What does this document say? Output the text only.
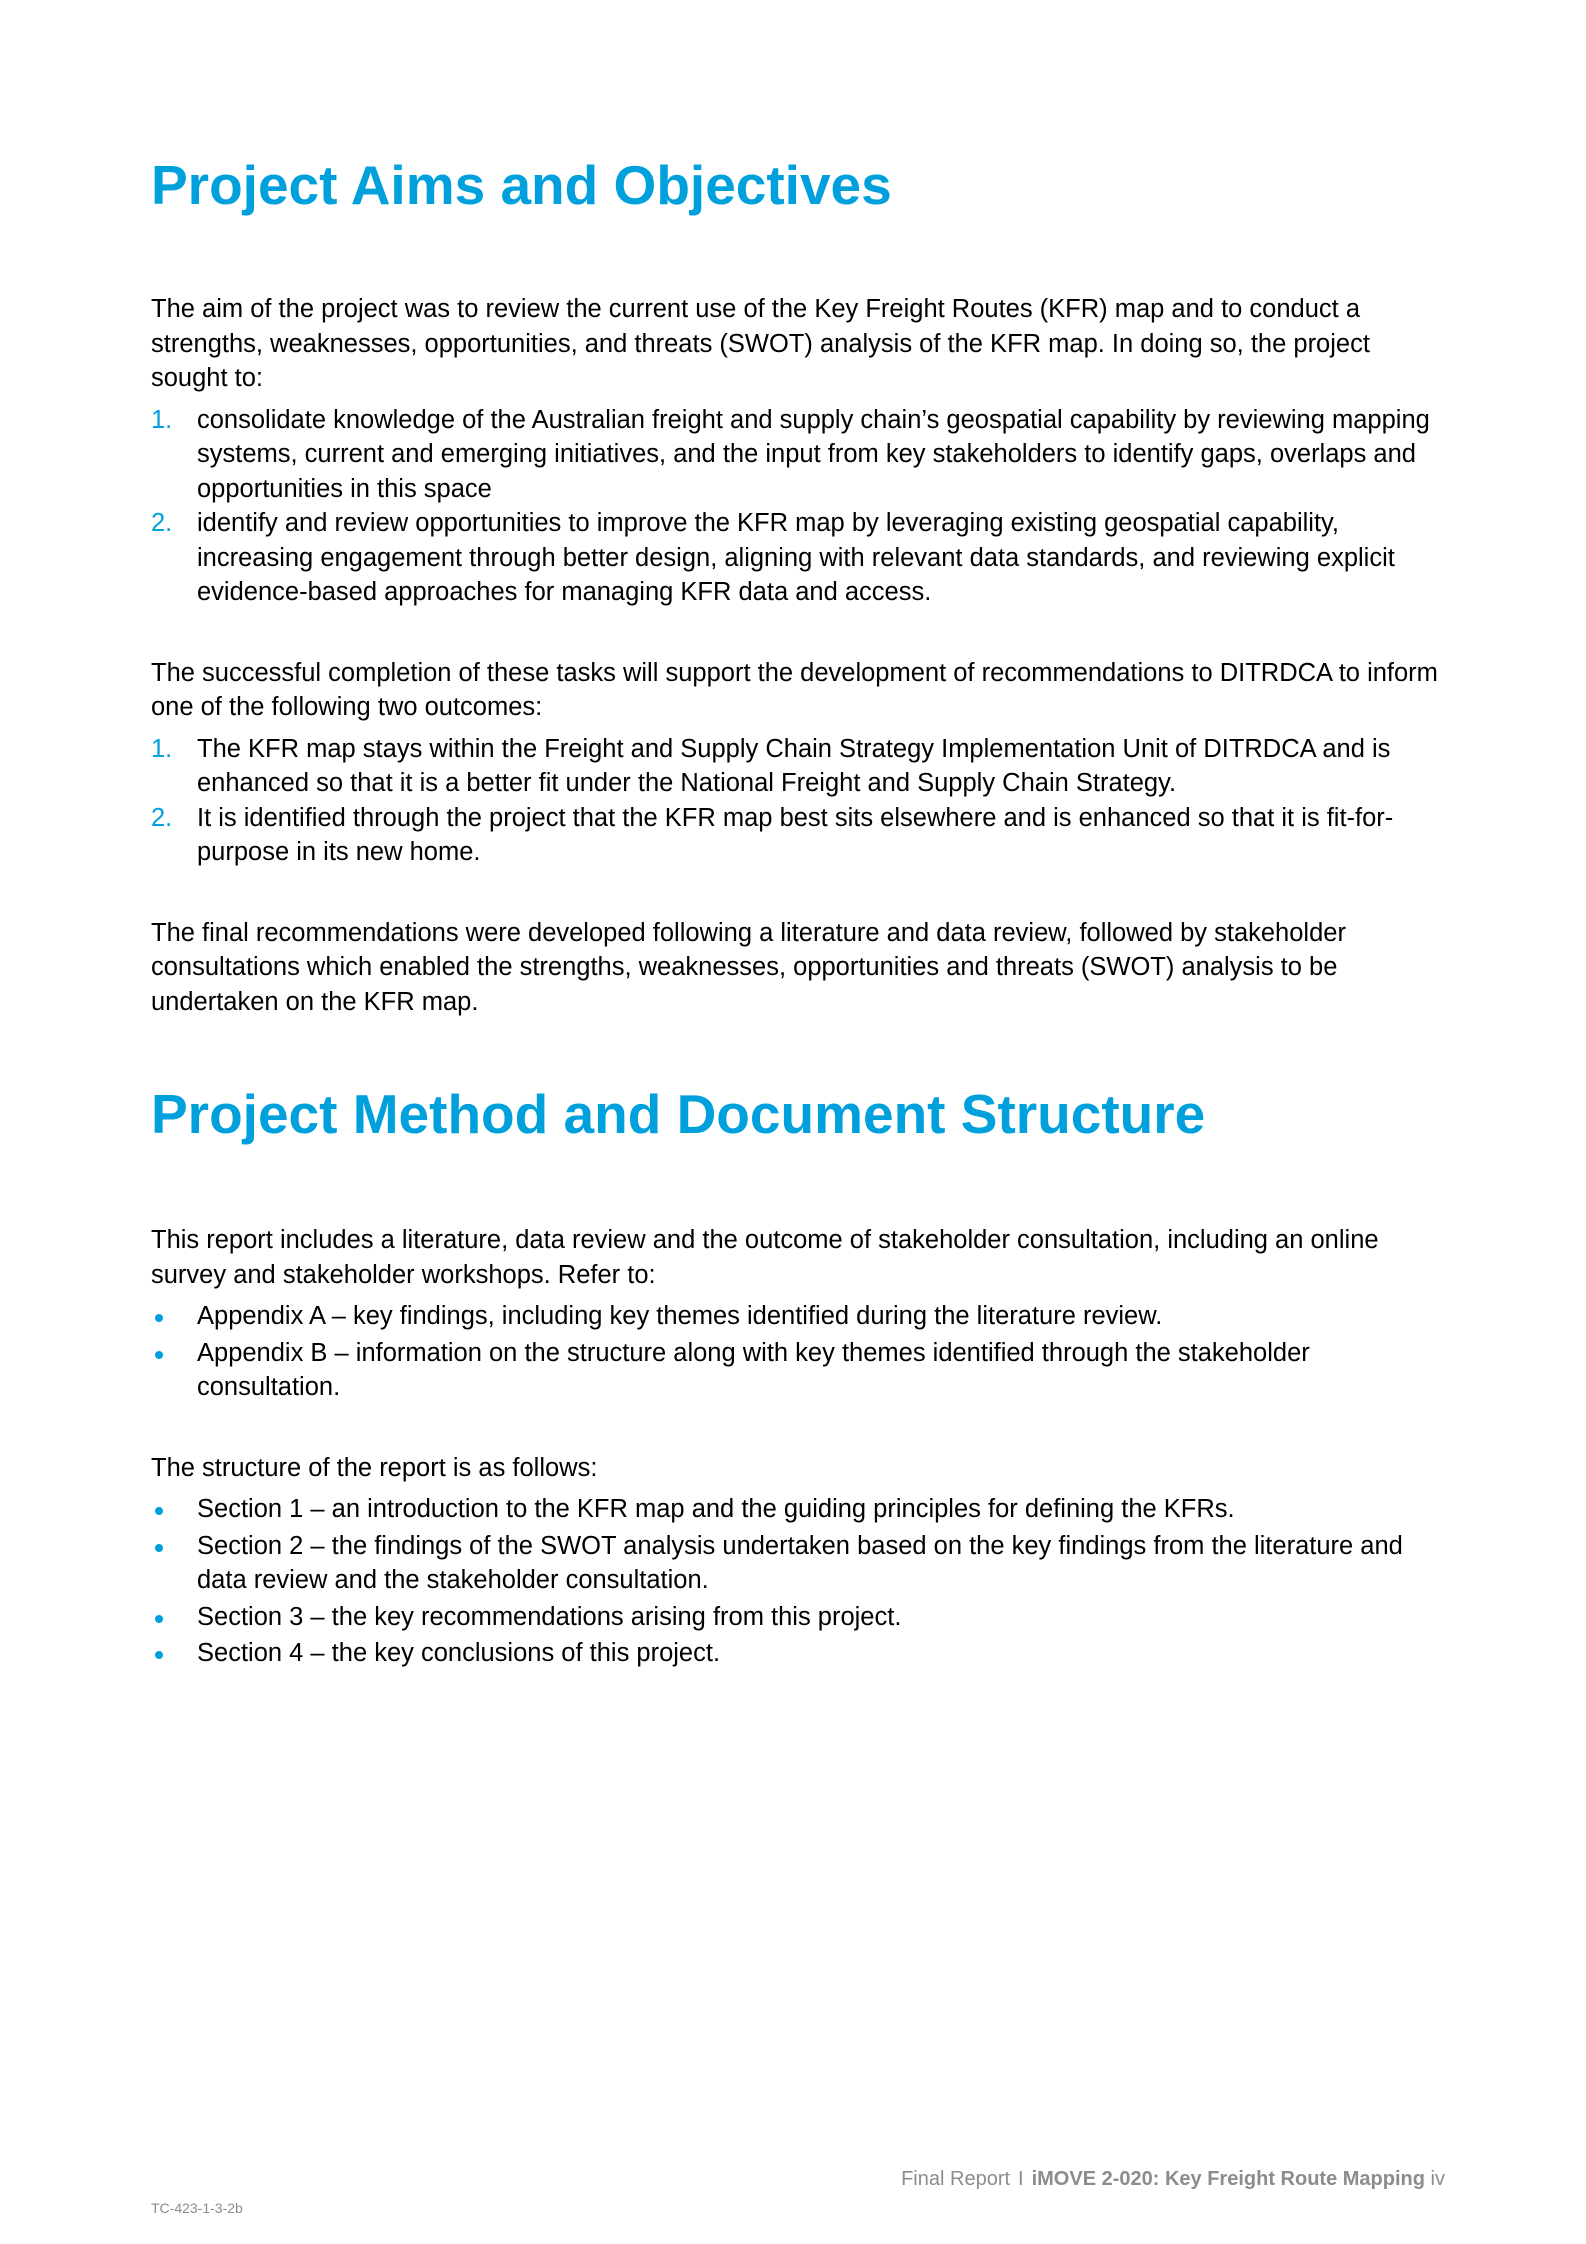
Project Aims and Objectives

The aim of the project was to review the current use of the Key Freight Routes (KFR) map and to conduct a strengths, weaknesses, opportunities, and threats (SWOT) analysis of the KFR map. In doing so, the project sought to:

1. consolidate knowledge of the Australian freight and supply chain’s geospatial capability by reviewing mapping systems, current and emerging initiatives, and the input from key stakeholders to identify gaps, overlaps and opportunities in this space
2. identify and review opportunities to improve the KFR map by leveraging existing geospatial capability, increasing engagement through better design, aligning with relevant data standards, and reviewing explicit evidence-based approaches for managing KFR data and access.

The successful completion of these tasks will support the development of recommendations to DITRDCA to inform one of the following two outcomes:

1. The KFR map stays within the Freight and Supply Chain Strategy Implementation Unit of DITRDCA and is enhanced so that it is a better fit under the National Freight and Supply Chain Strategy.
2. It is identified through the project that the KFR map best sits elsewhere and is enhanced so that it is fit-for-purpose in its new home.

The final recommendations were developed following a literature and data review, followed by stakeholder consultations which enabled the strengths, weaknesses, opportunities and threats (SWOT) analysis to be undertaken on the KFR map.

Project Method and Document Structure

This report includes a literature, data review and the outcome of stakeholder consultation, including an online survey and stakeholder workshops. Refer to:

Appendix A – key findings, including key themes identified during the literature review.
Appendix B – information on the structure along with key themes identified through the stakeholder consultation.

The structure of the report is as follows:

Section 1 – an introduction to the KFR map and the guiding principles for defining the KFRs.
Section 2 – the findings of the SWOT analysis undertaken based on the key findings from the literature and data review and the stakeholder consultation.
Section 3 – the key recommendations arising from this project.
Section 4 – the key conclusions of this project.
Final Report I iMOVE 2-020: Key Freight Route Mapping iv
TC-423-1-3-2b
